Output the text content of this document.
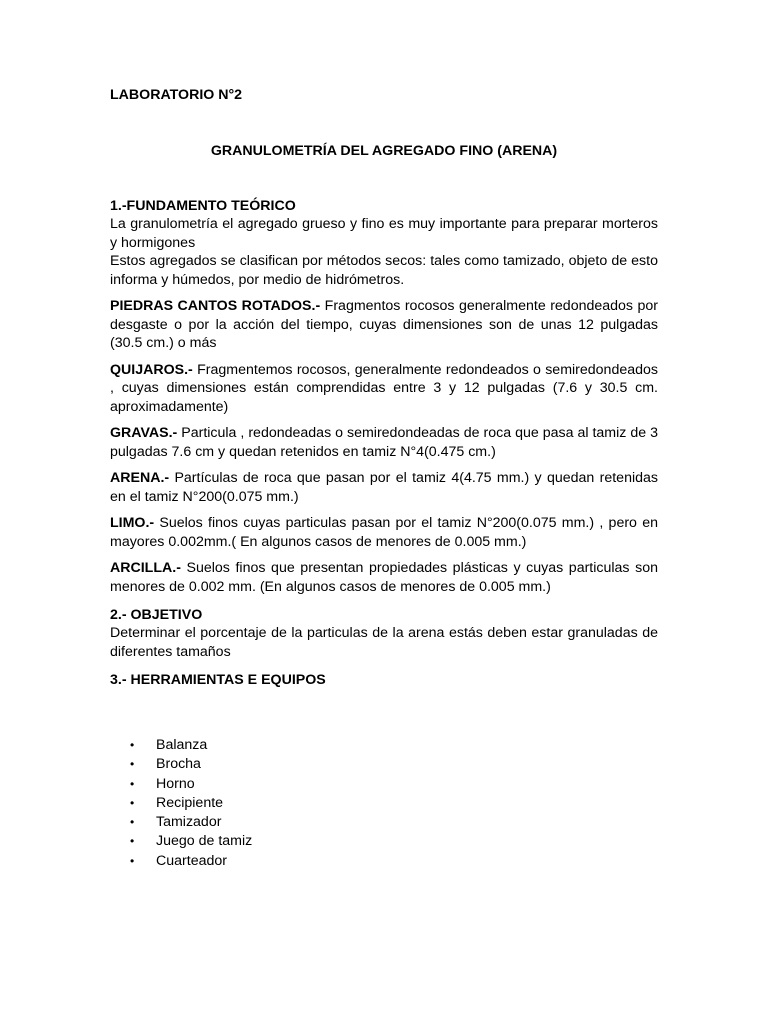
LABORATORIO N°2

GRANULOMETRÍA DEL AGREGADO FINO (ARENA)

1.-FUNDAMENTO TEÓRICO

La granulometría el agregado grueso y fino es muy importante para preparar morteros y hormigones

Estos agregados se clasifican por métodos secos: tales como tamizado, objeto de esto informa y húmedos, por medio de hidrómetros.

PIEDRAS CANTOS ROTADOS.- Fragmentos rocosos generalmente redondeados por desgaste o por la acción del tiempo, cuyas dimensiones son de unas 12 pulgadas (30.5 cm.) o más

QUIJAROS.- Fragmentemos rocosos, generalmente redondeados o semiredondeados , cuyas dimensiones están comprendidas entre 3 y 12 pulgadas (7.6 y 30.5 cm. aproximadamente)

GRAVAS.- Particula , redondeadas o semiredondeadas de roca que pasa al tamiz de 3 pulgadas 7.6 cm y quedan retenidos en tamiz N°4(0.475 cm.)

ARENA.- Partículas de roca que pasan por el tamiz 4(4.75 mm.) y quedan retenidas en el tamiz N°200(0.075 mm.)

LIMO.- Suelos finos cuyas particulas pasan por el tamiz N°200(0.075 mm.) , pero en mayores 0.002mm.( En algunos casos de menores de 0.005 mm.)

ARCILLA.- Suelos finos que presentan propiedades plásticas y cuyas particulas son menores de 0.002 mm. (En algunos casos de menores de 0.005 mm.)

2.- OBJETIVO

Determinar el porcentaje de la particulas de la arena estás deben estar granuladas de diferentes tamaños

3.- HERRAMIENTAS E EQUIPOS

• Balanza
• Brocha
• Horno
• Recipiente
• Tamizador
• Juego de tamiz
• Cuarteador
